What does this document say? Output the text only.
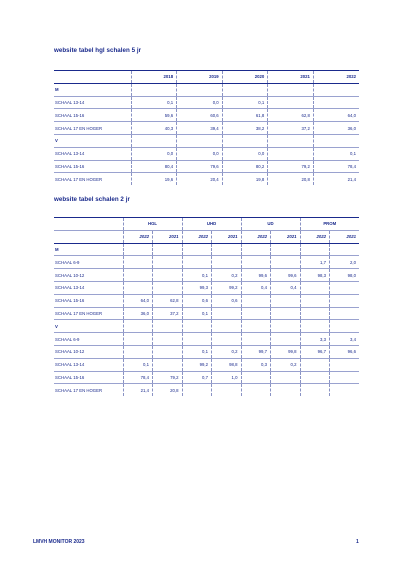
website tabel hgl schalen 5 jr
	2018	2019	2020	2021	2022
M					
SCHAAL 13-14	0,1	0,0	0,1		
SCHAAL 15-16	59,6	60,6	61,8	62,8	64,0
SCHAAL 17 EN HOGER	40,3	39,4	38,2	37,2	36,0
V					
SCHAAL 13-14	0,0	0,0	0,0		0,1
SCHAAL 15-16	80,4	79,6	80,2	79,2	78,4
SCHAAL 17 EN HOGER	19,6	20,4	19,8	20,8	21,4
website tabel schalen 2 jr
	HGL		UHD		UD		PROM	
	2022	2021	2022	2021	2022	2021	2022	2021
M								
SCHAAL 6-9							1,7	2,0
SCHAAL 10-12			0,1	0,2	99,6	99,6	98,3	98,0
SCHAAL 13-14			99,3	99,2	0,4	0,4		
SCHAAL 15-16	64,0	62,8	0,6	0,6				
SCHAAL 17 EN HOGER	36,0	37,2	0,1					
V								
SCHAAL 6-9							3,3	3,4
SCHAAL 10-12			0,1	0,2	99,7	99,8	96,7	96,6
SCHAAL 13-14	0,1		99,2	98,8	0,3	0,2		
SCHAAL 15-16	78,4	79,2	0,7	1,0				
SCHAAL 17 EN HOGER	21,4	20,8						
LMVH MONITOR 2023	1
